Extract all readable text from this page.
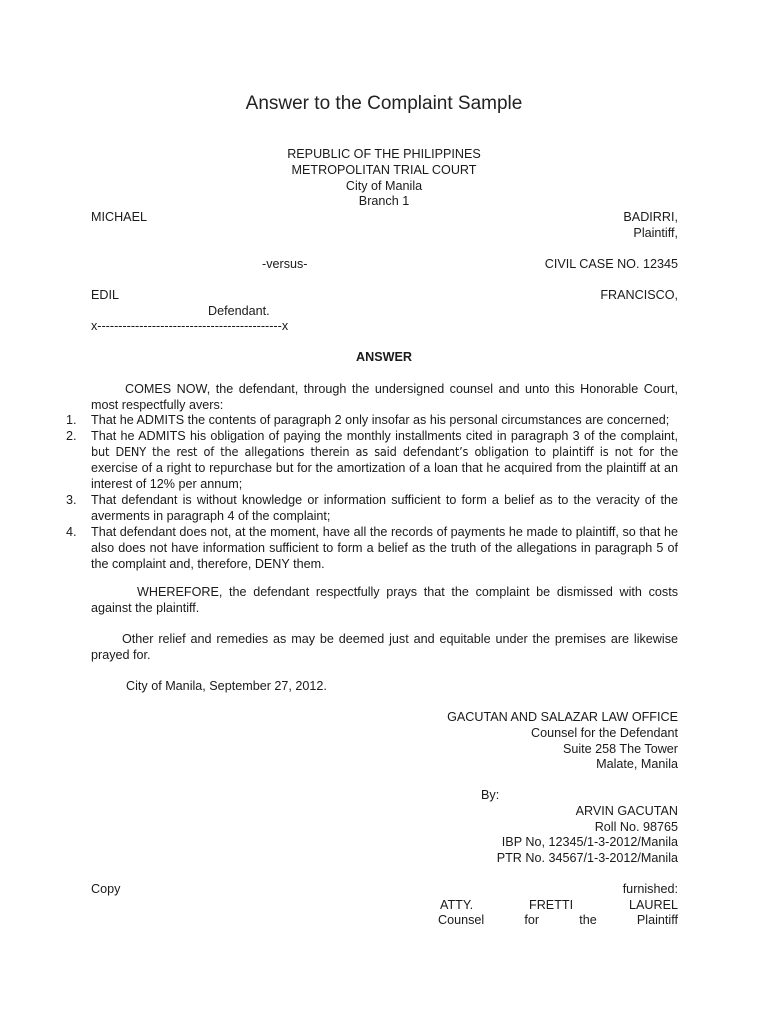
Answer to the Complaint Sample
REPUBLIC OF THE PHILIPPINES
METROPOLITAN TRIAL COURT
City of Manila
Branch 1
MICHAEL	BADIRRI,
Plaintiff,
-versus-	CIVIL CASE NO. 12345
EDIL	FRANCISCO,
Defendant.
x--------------------------------------------x
ANSWER
COMES NOW, the defendant, through the undersigned counsel and unto this Honorable Court, most respectfully avers:
1. That he ADMITS the contents of paragraph 2 only insofar as his personal circumstances are concerned;
2. That he ADMITS his obligation of paying the monthly installments cited in paragraph 3 of the complaint, but DENY the rest of the allegations therein as said defendant’s obligation to plaintiff is not for the exercise of a right to repurchase but for the amortization of a loan that he acquired from the plaintiff at an interest of 12% per annum;
3. That defendant is without knowledge or information sufficient to form a belief as to the veracity of the averments in paragraph 4 of the complaint;
4. That defendant does not, at the moment, have all the records of payments he made to plaintiff, so that he also does not have information sufficient to form a belief as the truth of the allegations in paragraph 5 of the complaint and, therefore, DENY them.
WHEREFORE, the defendant respectfully prays that the complaint be dismissed with costs against the plaintiff.
Other relief and remedies as may be deemed just and equitable under the premises are likewise prayed for.
City of Manila, September 27, 2012.
GACUTAN AND SALAZAR LAW OFFICE
Counsel for the Defendant
Suite 258 The Tower
Malate, Manila
By:
ARVIN GACUTAN
Roll No. 98765
IBP No, 12345/1-3-2012/Manila
PTR No. 34567/1-3-2012/Manila
Copy	furnished:
ATTY.	FRETTI	LAUREL
Counsel	for	the	Plaintiff
